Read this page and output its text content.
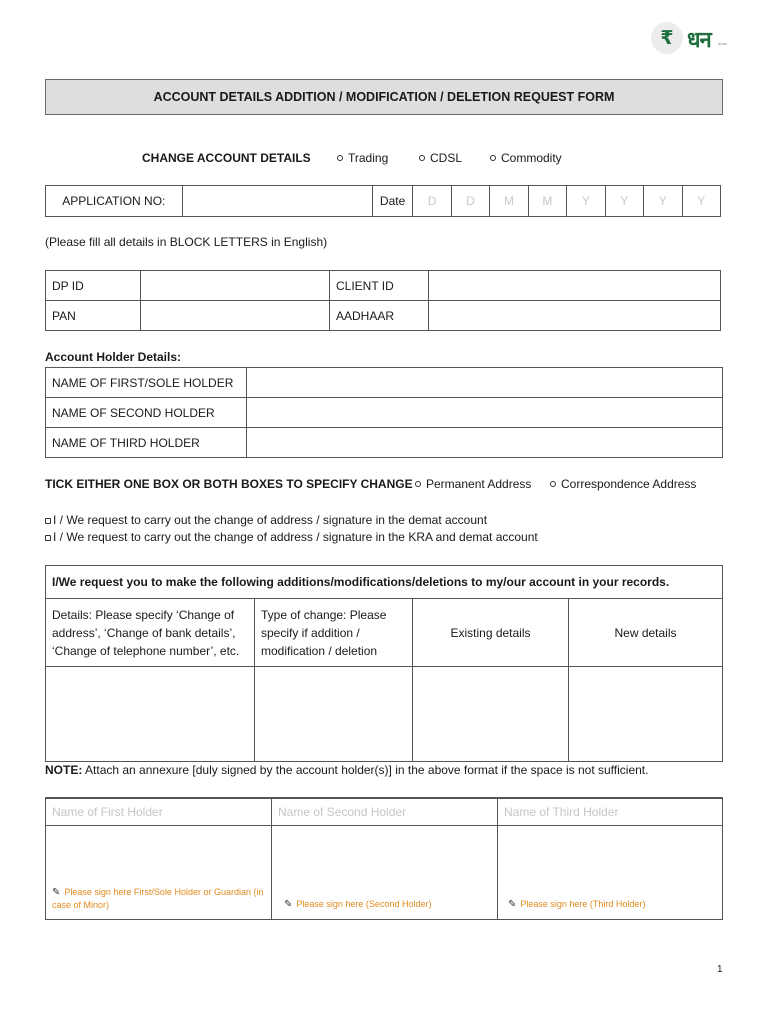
₹ धन dhan
ACCOUNT DETAILS ADDITION / MODIFICATION / DELETION REQUEST FORM
CHANGE ACCOUNT DETAILS	Trading	CDSL	Commodity
APPLICATION NO:		Date	D	D	M	M	Y	Y	Y	Y
(Please fill all details in BLOCK LETTERS in English)
DP ID		CLIENT ID	
PAN		AADHAAR	
Account Holder Details:
NAME OF FIRST/SOLE HOLDER	
NAME OF SECOND HOLDER	
NAME OF THIRD HOLDER	
TICK EITHER ONE BOX OR BOTH BOXES TO SPECIFY CHANGE Permanent Address Correspondence Address
I / We request to carry out the change of address / signature in the demat account
I / We request to carry out the change of address / signature in the KRA and demat account
I/We request you to make the following additions/modifications/deletions to my/our account in your records.			
Details: Please specify ‘Change of address’, ‘Change of bank details’, ‘Change of telephone number’, etc.	Type of change: Please specify if addition / modification / deletion	Existing details	New details

NOTE: Attach an annexure [duly signed by the account holder(s)] in the above format if the space is not sufficient.
Name of First Holder	Name of Second Holder	Name of Third Holder

✎ Please sign here First/Sole Holder or Guardian (in case of Minor)	✎ Please sign here (Second Holder)	✎ Please sign here (Third Holder)
1
